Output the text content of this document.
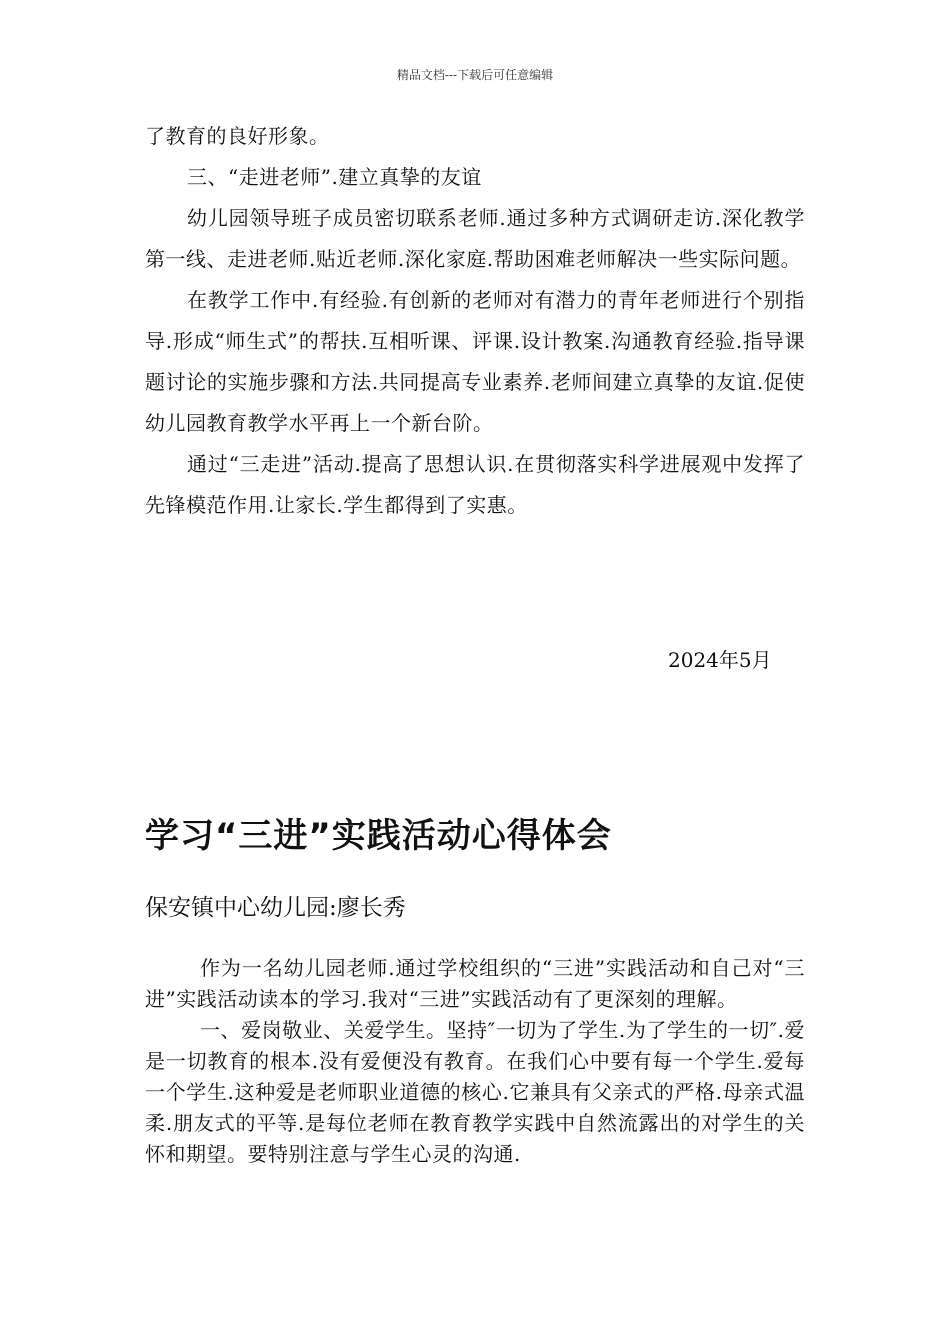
精品文档---下载后可任意编辑

了教育的良好形象。

三、“走进老师”.建立真挚的友谊

幼儿园领导班子成员密切联系老师.通过多种方式调研走访.深化教学第一线、走进老师.贴近老师.深化家庭.帮助困难老师解决一些实际问题。

在教学工作中.有经验.有创新的老师对有潜力的青年老师进行个别指导.形成“师生式”的帮扶.互相听课、评课.设计教案.沟通教育经验.指导课题讨论的实施步骤和方法.共同提高专业素养.老师间建立真挚的友谊.促使幼儿园教育教学水平再上一个新台阶。

通过“三走进”活动.提高了思想认识.在贯彻落实科学进展观中发挥了先锋模范作用.让家长.学生都得到了实惠。

2024年5月
学习“三进”实践活动心得体会
保安镇中心幼儿园:廖长秀

作为一名幼儿园老师.通过学校组织的“三进”实践活动和自己对“三进”实践活动读本的学习.我对“三进”实践活动有了更深刻的理解。

一、爱岗敬业、关爱学生。坚持″一切为了学生.为了学生的一切″.爱是一切教育的根本.没有爱便没有教育。在我们心中要有每一个学生.爱每一个学生.这种爱是老师职业道德的核心.它兼具有父亲式的严格.母亲式温柔.朋友式的平等.是每位老师在教育教学实践中自然流露出的对学生的关怀和期望。要特别注意与学生心灵的沟通.
